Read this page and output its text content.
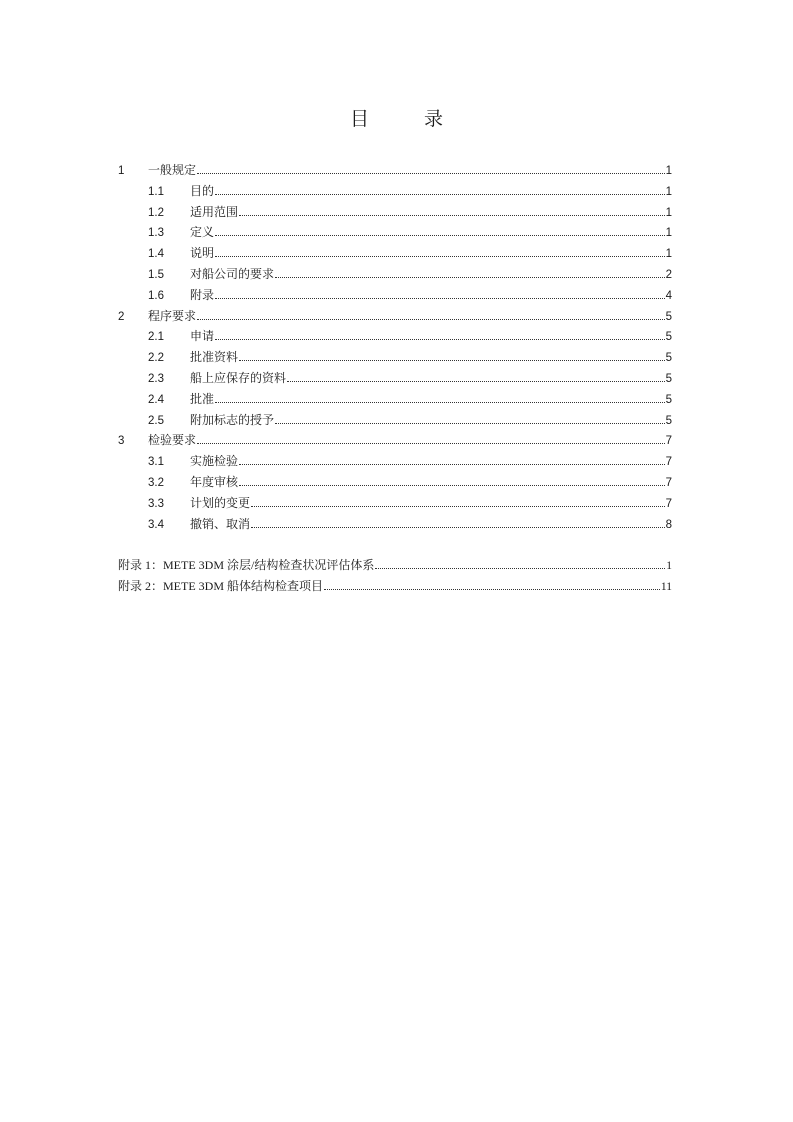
目　录
1	一般规定	1
1.1	目的	1
1.2	适用范围	1
1.3	定义	1
1.4	说明	1
1.5	对船公司的要求	2
1.6	附录	4
2	程序要求	5
2.1	申请	5
2.2	批准资料	5
2.3	船上应保存的资料	5
2.4	批准	5
2.5	附加标志的授予	5
3	检验要求	7
3.1	实施检验	7
3.2	年度审核	7
3.3	计划的变更	7
3.4	撤销、取消	8
附录 1：METE 3DM 涂层/结构检查状况评估体系	1
附录 2：METE 3DM 船体结构检查项目	11
